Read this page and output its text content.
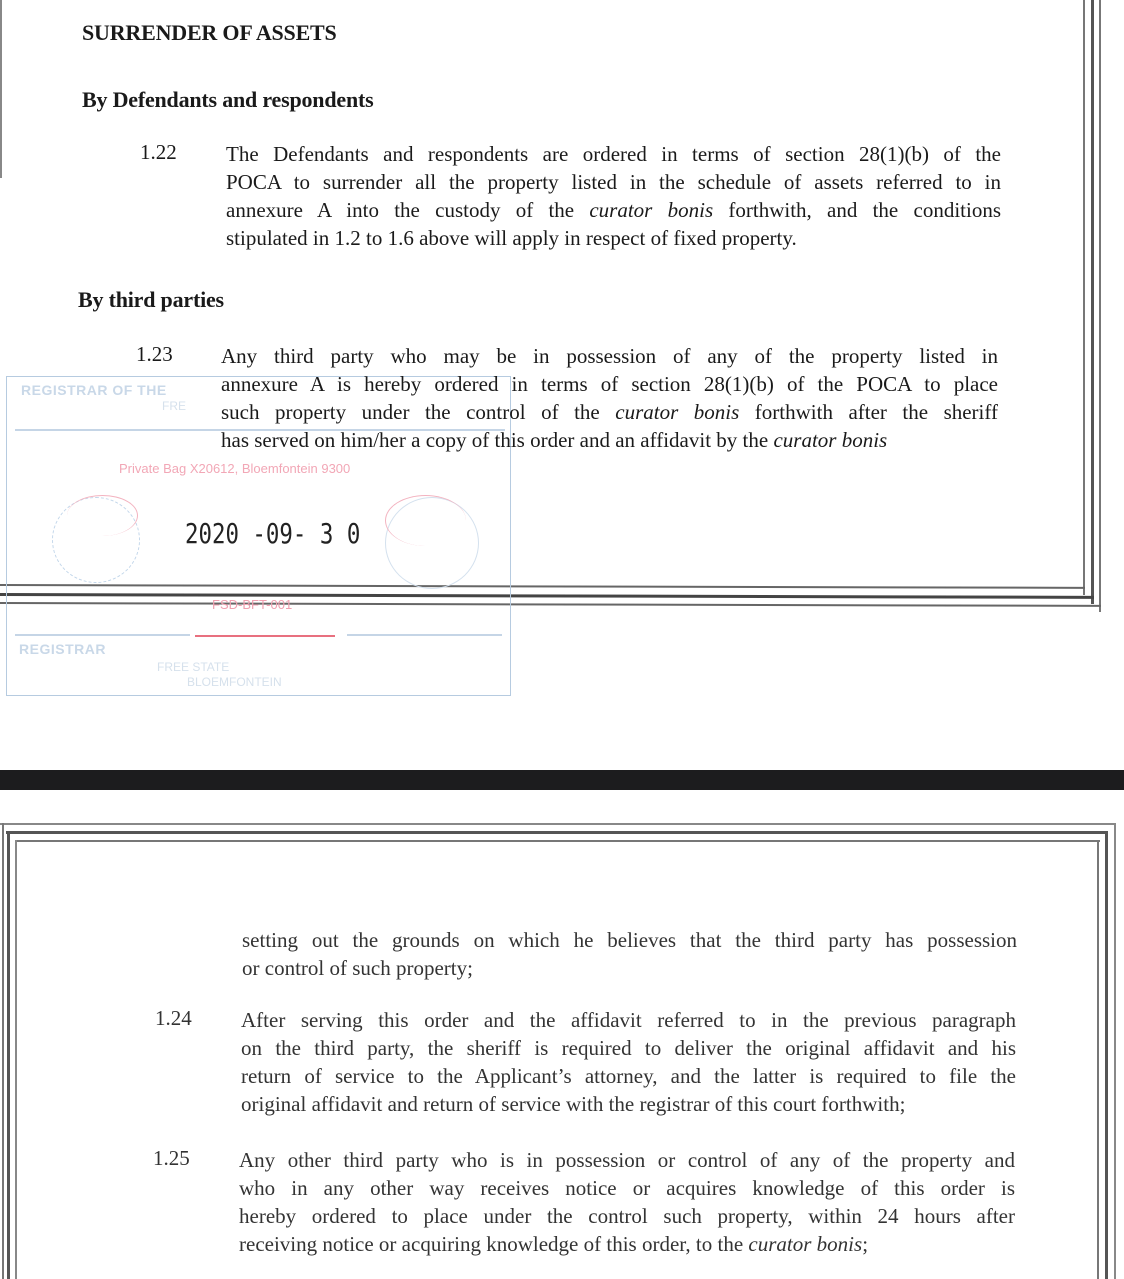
REGISTRAR OF THE
FRE
Private Bag X20612, Bloemfontein 9300
2020 -09- 3 0
FSD-BFT-001
REGISTRAR
FREE STATE
BLOEMFONTEIN
SURRENDER OF ASSETS
By Defendants and respondents
1.22 The Defendants and respondents are ordered in terms of section 28(1)(b) of the
POCA to surrender all the property listed in the schedule of assets referred to in
annexure A into the custody of the curator bonis forthwith, and the conditions
stipulated in 1.2 to 1.6 above will apply in respect of fixed property.
By third parties
1.23 Any third party who may be in possession of any of the property listed in
annexure A is hereby ordered in terms of section 28(1)(b) of the POCA to place
such property under the control of the curator bonis forthwith after the sheriff
has served on him/her a copy of this order and an affidavit by the curator bonis
setting out the grounds on which he believes that the third party has possession
or control of such property;
1.24 After serving this order and the affidavit referred to in the previous paragraph
on the third party, the sheriff is required to deliver the original affidavit and his
return of service to the Applicant’s attorney, and the latter is required to file the
original affidavit and return of service with the registrar of this court forthwith;
1.25 Any other third party who is in possession or control of any of the property and
who in any other way receives notice or acquires knowledge of this order is
hereby ordered to place under the control such property, within 24 hours after
receiving notice or acquiring knowledge of this order, to the curator bonis;
